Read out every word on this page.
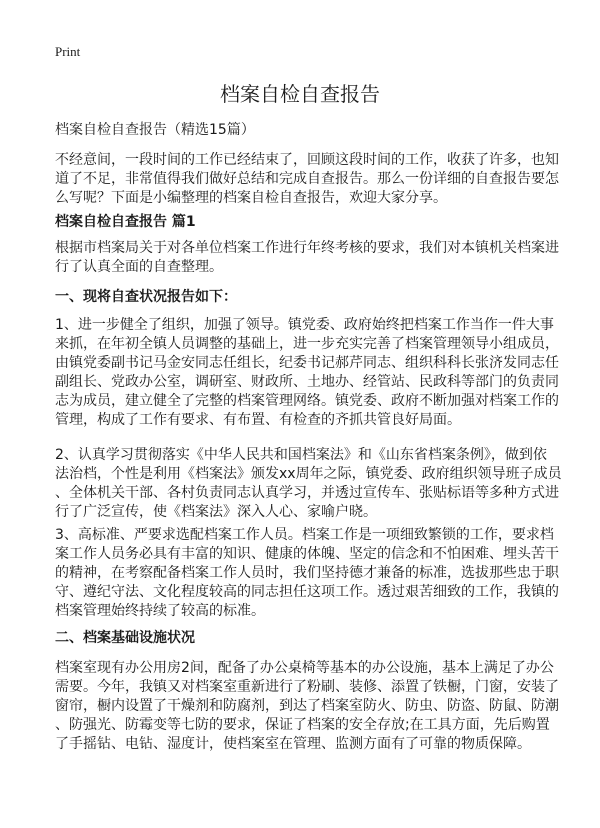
Print
档案自检自查报告
档案自检自查报告（精选15篇）
不经意间，一段时间的工作已经结束了，回顾这段时间的工作，收获了许多，也知
道了不足，非常值得我们做好总结和完成自查报告。那么一份详细的自查报告要怎
么写呢？下面是小编整理的档案自检自查报告，欢迎大家分享。
档案自检自查报告 篇1
根据市档案局关于对各单位档案工作进行年终考核的要求，我们对本镇机关档案进
行了认真全面的自查整理。
一、现将自查状况报告如下：
1、进一步健全了组织，加强了领导。镇党委、政府始终把档案工作当作一件大事
来抓，在年初全镇人员调整的基础上，进一步充实完善了档案管理领导小组成员，
由镇党委副书记马金安同志任组长，纪委书记郝芹同志、组织科科长张济发同志任
副组长、党政办公室，调研室、财政所、土地办、经管站、民政科等部门的负责同
志为成员，建立健全了完整的档案管理网络。镇党委、政府不断加强对档案工作的
管理，构成了工作有要求、有布置、有检查的齐抓共管良好局面。
2、认真学习贯彻落实《中华人民共和国档案法》和《山东省档案条例》，做到依
法治档，个性是利用《档案法》颁发xx周年之际，镇党委、政府组织领导班子成员
、全体机关干部、各村负责同志认真学习，并透过宣传车、张贴标语等多种方式进
行了广泛宣传，使《档案法》深入人心、家喻户晓。
3、高标准、严要求选配档案工作人员。档案工作是一项细致繁锁的工作，要求档
案工作人员务必具有丰富的知识、健康的体魄、坚定的信念和不怕困难、埋头苦干
的精神，在考察配备档案工作人员时，我们坚持德才兼备的标准，选拔那些忠于职
守、遵纪守法、文化程度较高的同志担任这项工作。透过艰苦细致的工作，我镇的
档案管理始终持续了较高的标准。
二、档案基础设施状况
档案室现有办公用房2间，配备了办公桌椅等基本的办公设施，基本上满足了办公
需要。今年，我镇又对档案室重新进行了粉刷、装修、添置了铁橱，门窗，安装了
窗帘，橱内设置了干燥剂和防腐剂，到达了档案室防火、防虫、防盗、防鼠、防潮
、防强光、防霉变等七防的要求，保证了档案的安全存放;在工具方面，先后购置
了手摇钻、电钻、湿度计，使档案室在管理、监测方面有了可靠的物质保障。
